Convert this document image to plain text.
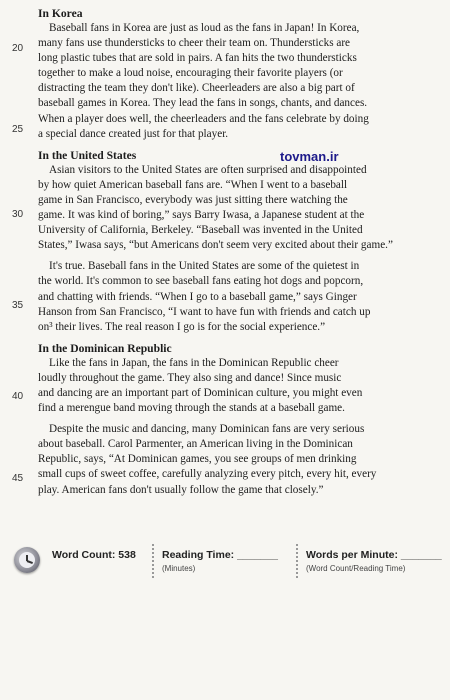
In Korea
Baseball fans in Korea are just as loud as the fans in Japan! In Korea,
many fans use thundersticks to cheer their team on. Thundersticks are
long plastic tubes that are sold in pairs. A fan hits the two thundersticks
together to make a loud noise, encouraging their favorite players (or
distracting the team they don't like). Cheerleaders are also a big part of
baseball games in Korea. They lead the fans in songs, chants, and dances.
When a player does well, the cheerleaders and the fans celebrate by doing
a special dance created just for that player.
In the United States
Asian visitors to the United States are often surprised and disappointed
by how quiet American baseball fans are. “When I went to a baseball
game in San Francisco, everybody was just sitting there watching the
game. It was kind of boring,” says Barry Iwasa, a Japanese student at the
University of California, Berkeley. “Baseball was invented in the United
States,” Iwasa says, “but Americans don't seem very excited about their game.”
It's true. Baseball fans in the United States are some of the quietest in
the world. It's common to see baseball fans eating hot dogs and popcorn,
and chatting with friends. “When I go to a baseball game,” says Ginger
Hanson from San Francisco, “I want to have fun with friends and catch up
on³ their lives. The real reason I go is for the social experience.”
In the Dominican Republic
Like the fans in Japan, the fans in the Dominican Republic cheer
loudly throughout the game. They also sing and dance! Since music
and dancing are an important part of Dominican culture, you might even
find a merengue band moving through the stands at a baseball game.
Despite the music and dancing, many Dominican fans are very serious
about baseball. Carol Parmenter, an American living in the Dominican
Republic, says, “At Dominican games, you see groups of men drinking
small cups of sweet coffee, carefully analyzing every pitch, every hit, every
play. American fans don't usually follow the game that closely.”
tovman.ir
20
25
30
35
40
45
Word Count: 538 Reading Time: _______
(Minutes)
Words per Minute: _______
(Word Count/Reading Time)
